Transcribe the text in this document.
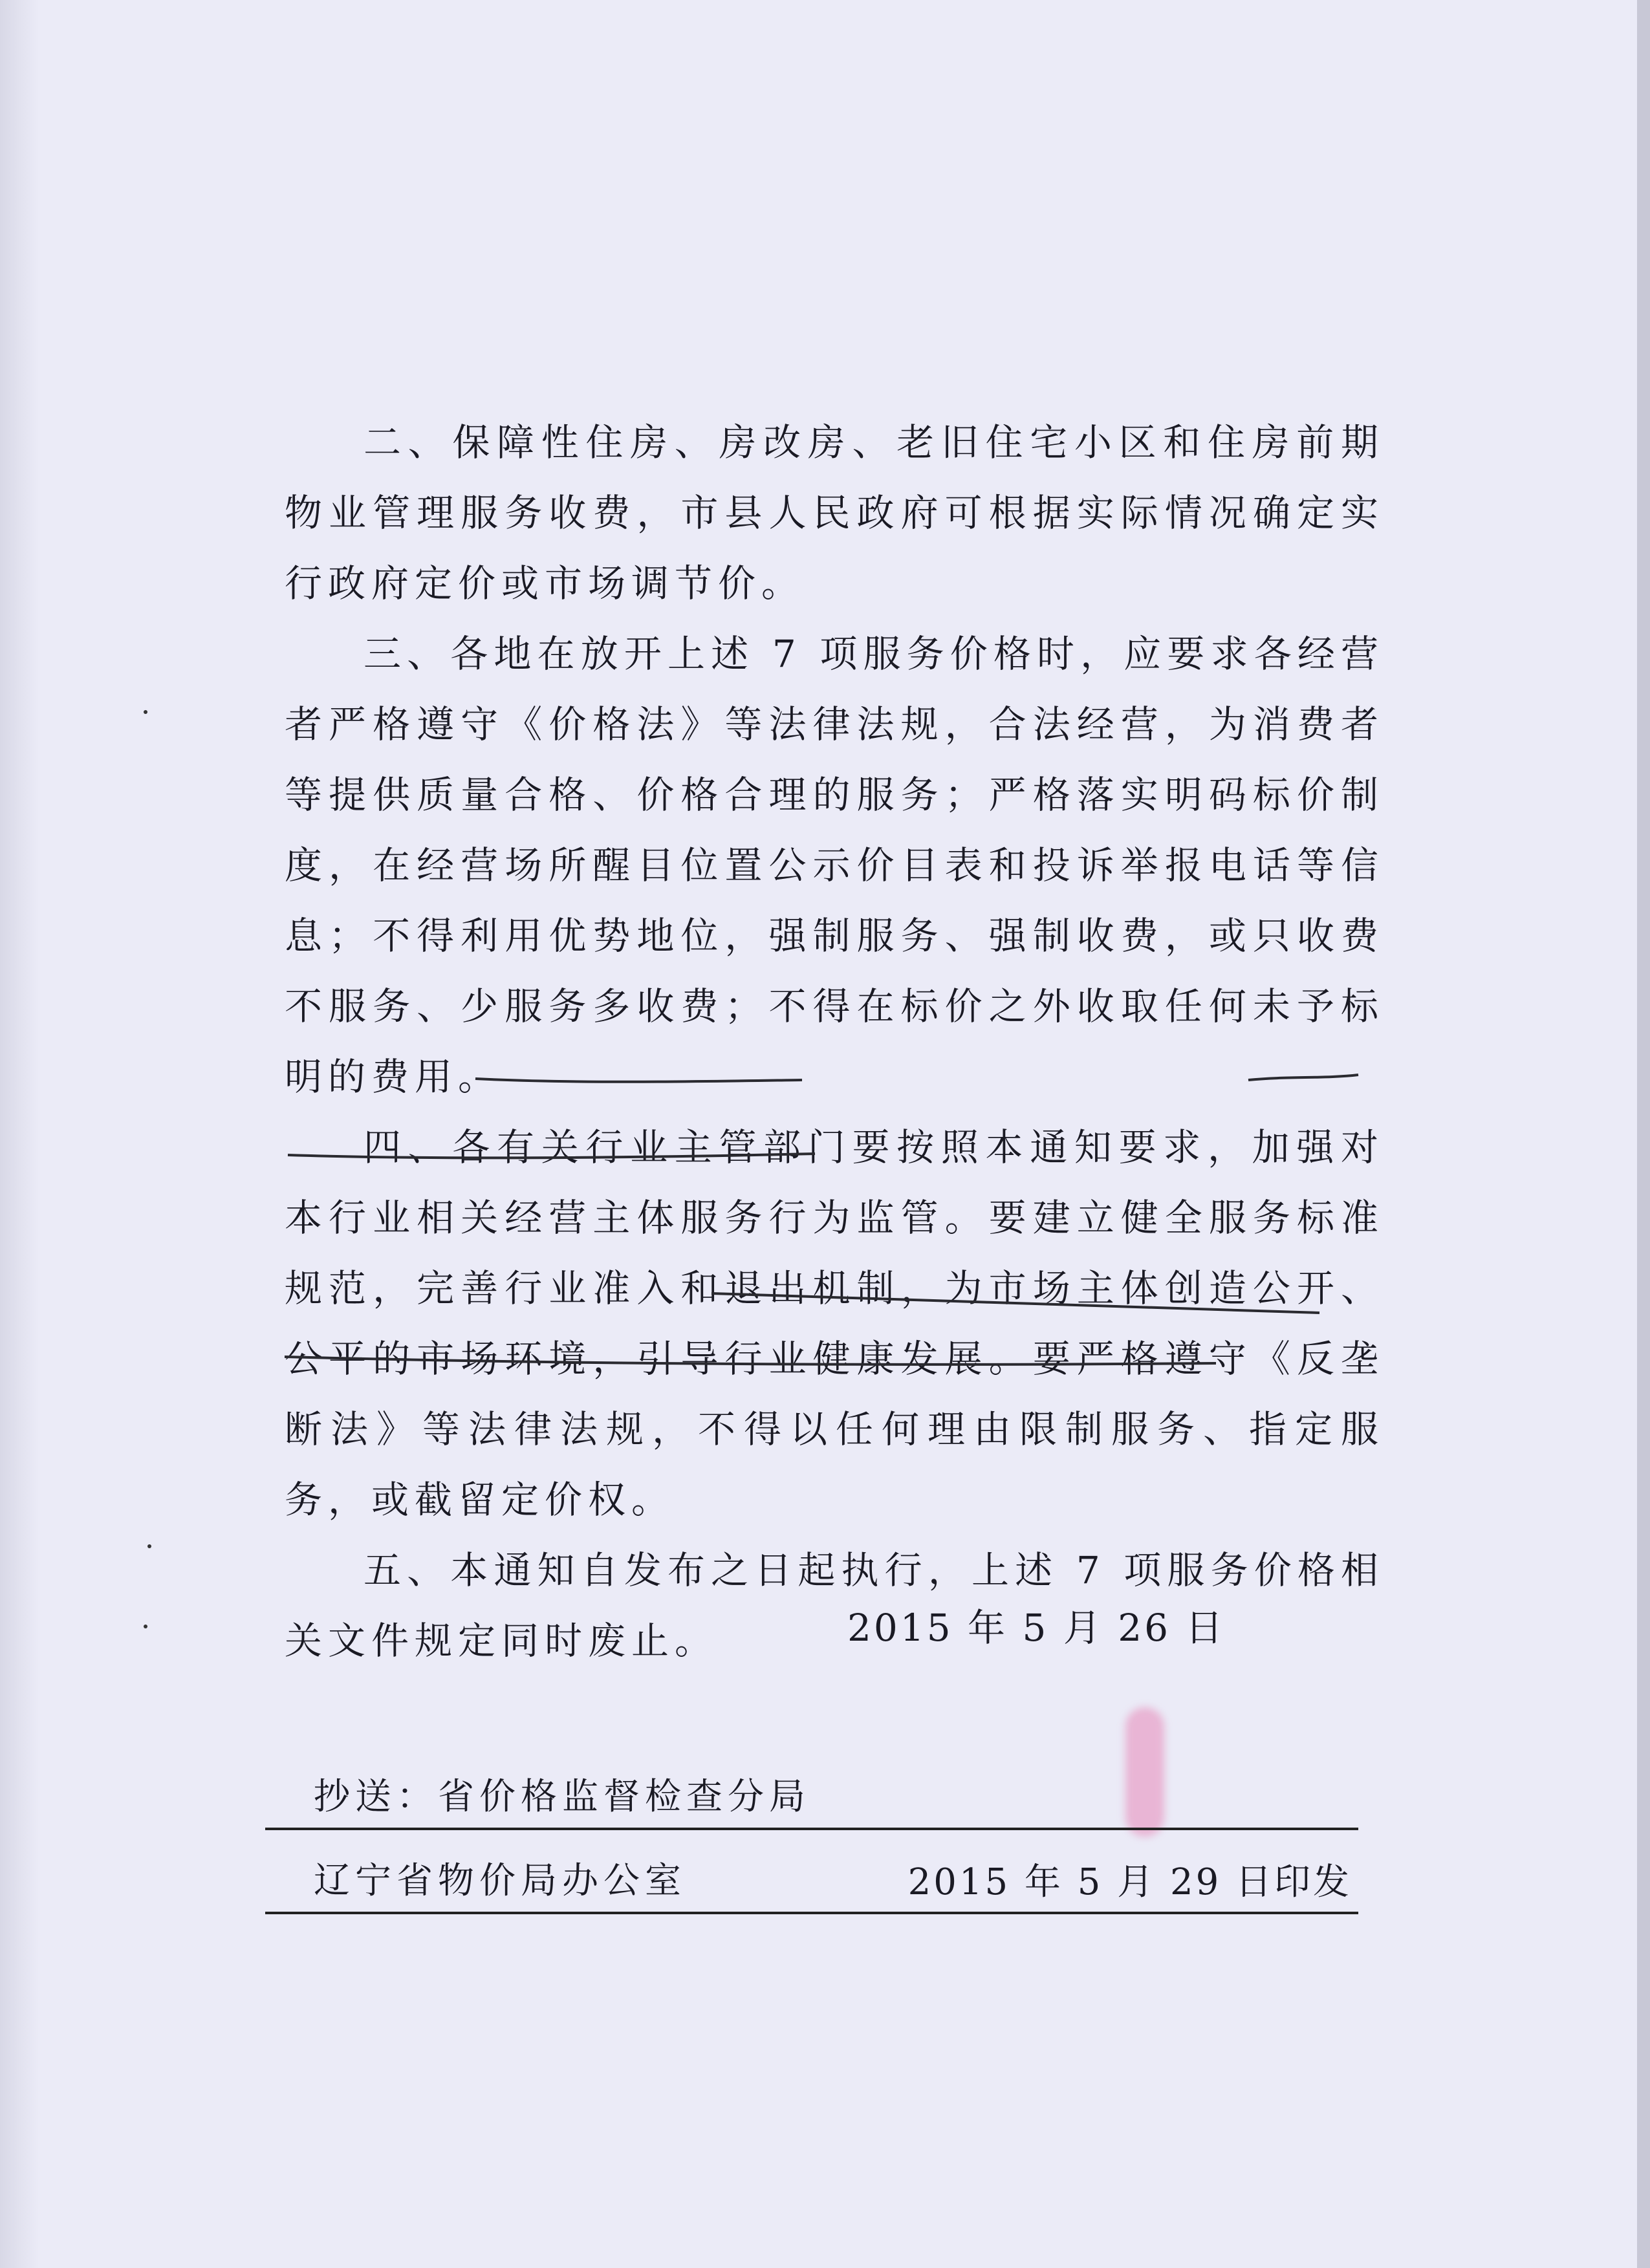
二、保障性住房、房改房、老旧住宅小区和住房前期物业管理服务收费，市县人民政府可根据实际情况确定实行政府定价或市场调节价。

三、各地在放开上述 7 项服务价格时，应要求各经营者严格遵守《价格法》等法律法规，合法经营，为消费者等提供质量合格、价格合理的服务；严格落实明码标价制度，在经营场所醒目位置公示价目表和投诉举报电话等信息；不得利用优势地位，强制服务、强制收费，或只收费不服务、少服务多收费；不得在标价之外收取任何未予标明的费用。

四、各有关行业主管部门要按照本通知要求，加强对本行业相关经营主体服务行为监管。要建立健全服务标准规范，完善行业准入和退出机制，为市场主体创造公开、公平的市场环境，引导行业健康发展。要严格遵守《反垄断法》等法律法规，不得以任何理由限制服务、指定服务，或截留定价权。

五、本通知自发布之日起执行，上述 7 项服务价格相关文件规定同时废止。	2015 年 5 月 26 日
抄送：省价格监督检查分局
辽宁省物价局办公室	2015 年 5 月 29 日印发
